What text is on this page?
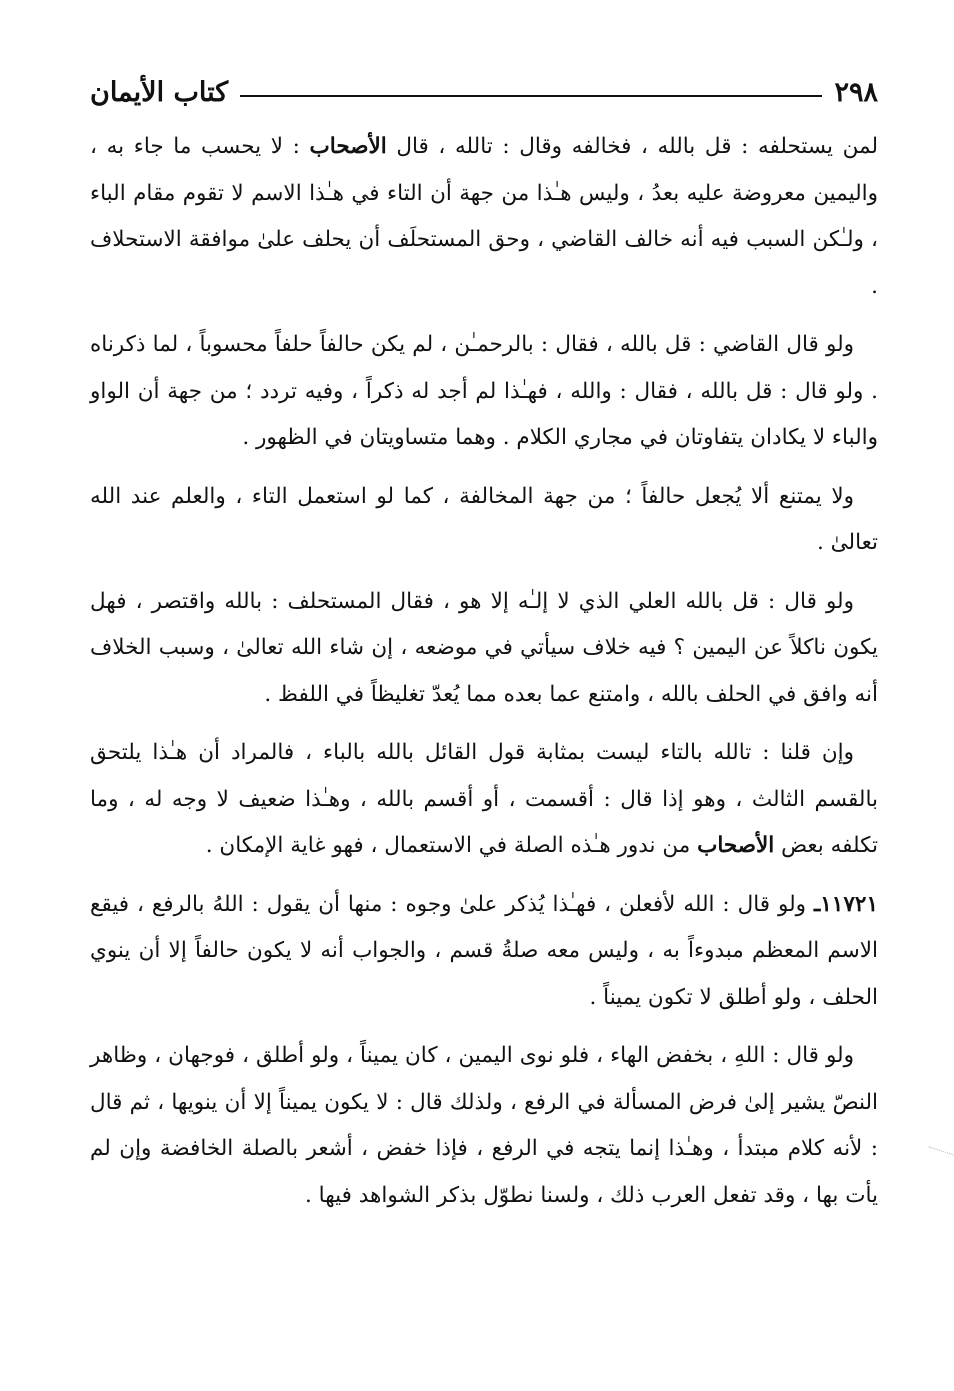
٢٩٨
كتاب الأيمان

لمن يستحلفه : قل بالله ، فخالفه وقال : تالله ، قال الأصحاب : لا يحسب ما جاء به ، واليمين معروضة عليه بعدُ ، وليس هـٰذا من جهة أن التاء في هـٰذا الاسم لا تقوم مقام الباء ، ولـٰكن السبب فيه أنه خالف القاضي ، وحق المستحلَف أن يحلف علىٰ موافقة الاستحلاف .

ولو قال القاضي : قل بالله ، فقال : بالرحمـٰن ، لم يكن حالفاً حلفاً محسوباً ، لما ذكرناه . ولو قال : قل بالله ، فقال : والله ، فهـٰذا لم أجد له ذكراً ، وفيه تردد ؛ من جهة أن الواو والباء لا يكادان يتفاوتان في مجاري الكلام . وهما متساويتان في الظهور .

ولا يمتنع ألا يُجعل حالفاً ؛ من جهة المخالفة ، كما لو استعمل التاء ، والعلم عند الله تعالىٰ .

ولو قال : قل بالله العلي الذي لا إلـٰه إلا هو ، فقال المستحلف : بالله واقتصر ، فهل يكون ناكلاً عن اليمين ؟ فيه خلاف سيأتي في موضعه ، إن شاء الله تعالىٰ ، وسبب الخلاف أنه وافق في الحلف بالله ، وامتنع عما بعده مما يُعدّ تغليظاً في اللفظ .

وإن قلنا : تالله بالتاء ليست بمثابة قول القائل بالله بالباء ، فالمراد أن هـٰذا يلتحق بالقسم الثالث ، وهو إذا قال : أقسمت ، أو أقسم بالله ، وهـٰذا ضعيف لا وجه له ، وما تكلفه بعض الأصحاب من ندور هـٰذه الصلة في الاستعمال ، فهو غاية الإمكان .

١١٧٢١ـ ولو قال : الله لأفعلن ، فهـٰذا يُذكر علىٰ وجوه : منها أن يقول : اللهُ بالرفع ، فيقع الاسم المعظم مبدوءاً به ، وليس معه صلةُ قسم ، والجواب أنه لا يكون حالفاً إلا أن ينوي الحلف ، ولو أطلق لا تكون يميناً .

ولو قال : اللهِ ، بخفض الهاء ، فلو نوى اليمين ، كان يميناً ، ولو أطلق ، فوجهان ، وظاهر النصّ يشير إلىٰ فرض المسألة في الرفع ، ولذلك قال : لا يكون يميناً إلا أن ينويها ، ثم قال : لأنه كلام مبتدأ ، وهـٰذا إنما يتجه في الرفع ، فإذا خفض ، أشعر بالصلة الخافضة وإن لم يأت بها ، وقد تفعل العرب ذلك ، ولسنا نطوّل بذكر الشواهد فيها .
